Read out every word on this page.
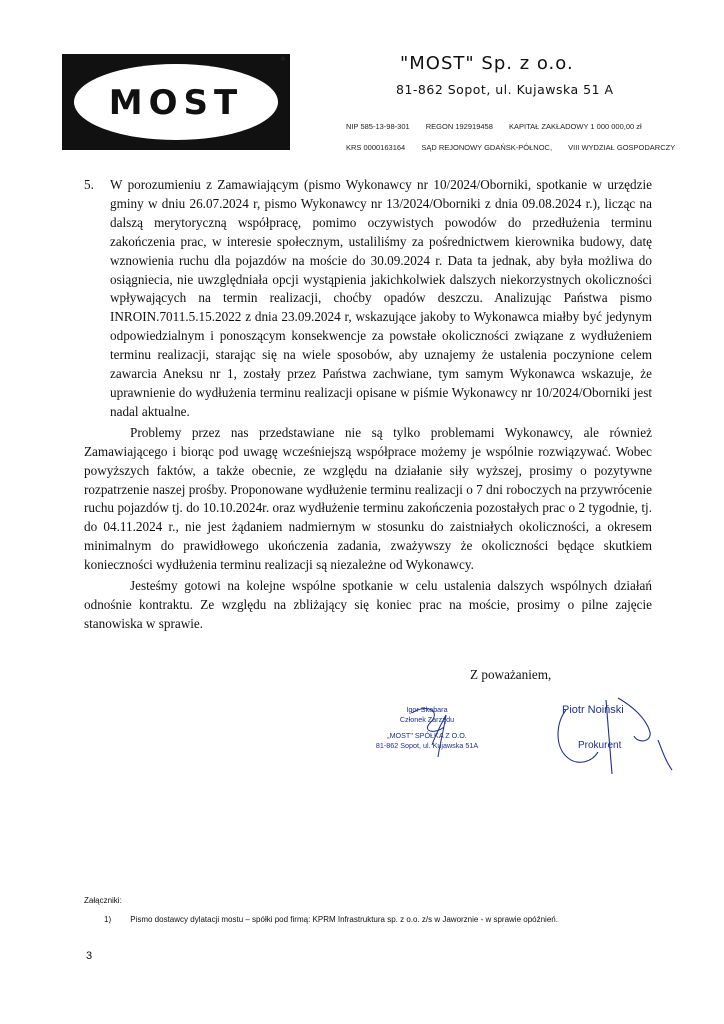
MOST
®	"MOST" Sp. z o.o.
81-862 Sopot, ul. Kujawska 51 A
NIP 585-13-98-301 REGON 192919458 KAPITAŁ ZAKŁADOWY 1 000 000,00 zł
KRS 0000163164 SĄD REJONOWY GDAŃSK-PÓŁNOC, VIII WYDZIAŁ GOSPODARCZY

5. W porozumieniu z Zamawiającym (pismo Wykonawcy nr 10/2024/Oborniki, spotkanie w urzędzie gminy w dniu 26.07.2024 r, pismo Wykonawcy nr 13/2024/Oborniki z dnia 09.08.2024 r.), licząc na dalszą merytoryczną współpracę, pomimo oczywistych powodów do przedłużenia terminu zakończenia prac, w interesie społecznym, ustaliliśmy za pośrednictwem kierownika budowy, datę wznowienia ruchu dla pojazdów na moście do 30.09.2024 r. Data ta jednak, aby była możliwa do osiągniecia, nie uwzględniała opcji wystąpienia jakichkolwiek dalszych niekorzystnych okoliczności wpływających na termin realizacji, choćby opadów deszczu. Analizując Państwa pismo INROIN.7011.5.15.2022 z dnia 23.09.2024 r, wskazujące jakoby to Wykonawca miałby być jedynym odpowiedzialnym i ponoszącym konsekwencje za powstałe okoliczności związane z wydłużeniem terminu realizacji, starając się na wiele sposobów, aby uznajemy że ustalenia poczynione celem zawarcia Aneksu nr 1, zostały przez Państwa zachwiane, tym samym Wykonawca wskazuje, że uprawnienie do wydłużenia terminu realizacji opisane w piśmie Wykonawcy nr 10/2024/Oborniki jest nadal aktualne.

Problemy przez nas przedstawiane nie są tylko problemami Wykonawcy, ale również Zamawiającego i biorąc pod uwagę wcześniejszą współprace możemy je wspólnie rozwiązywać. Wobec powyższych faktów, a także obecnie, ze względu na działanie siły wyższej, prosimy o pozytywne rozpatrzenie naszej prośby. Proponowane wydłużenie terminu realizacji o 7 dni roboczych na przywrócenie ruchu pojazdów tj. do 10.10.2024r. oraz wydłużenie terminu zakończenia pozostałych prac o 2 tygodnie, tj. do 04.11.2024 r., nie jest żądaniem nadmiernym w stosunku do zaistniałych okoliczności, a okresem minimalnym do prawidłowego ukończenia zadania, zważywszy że okoliczności będące skutkiem konieczności wydłużenia terminu realizacji są niezależne od Wykonawcy.

Jesteśmy gotowi na kolejne wspólne spotkanie w celu ustalenia dalszych wspólnych działań odnośnie kontraktu. Ze względu na zbliżający się koniec prac na moście, prosimy o pilne zajęcie stanowiska w sprawie.

Z poważaniem,
Igor Skabara
Członek Zarządu
„MOST" SPÓŁKA Z O.O.
81-862 Sopot, ul. Kujawska 51A
Piotr Noiński
Prokurent
Załączniki:
1) Pismo dostawcy dylatacji mostu – spółki pod firmą: KPRM Infrastruktura sp. z o.o. z/s w Jaworznie - w sprawie opóźnień.
3
